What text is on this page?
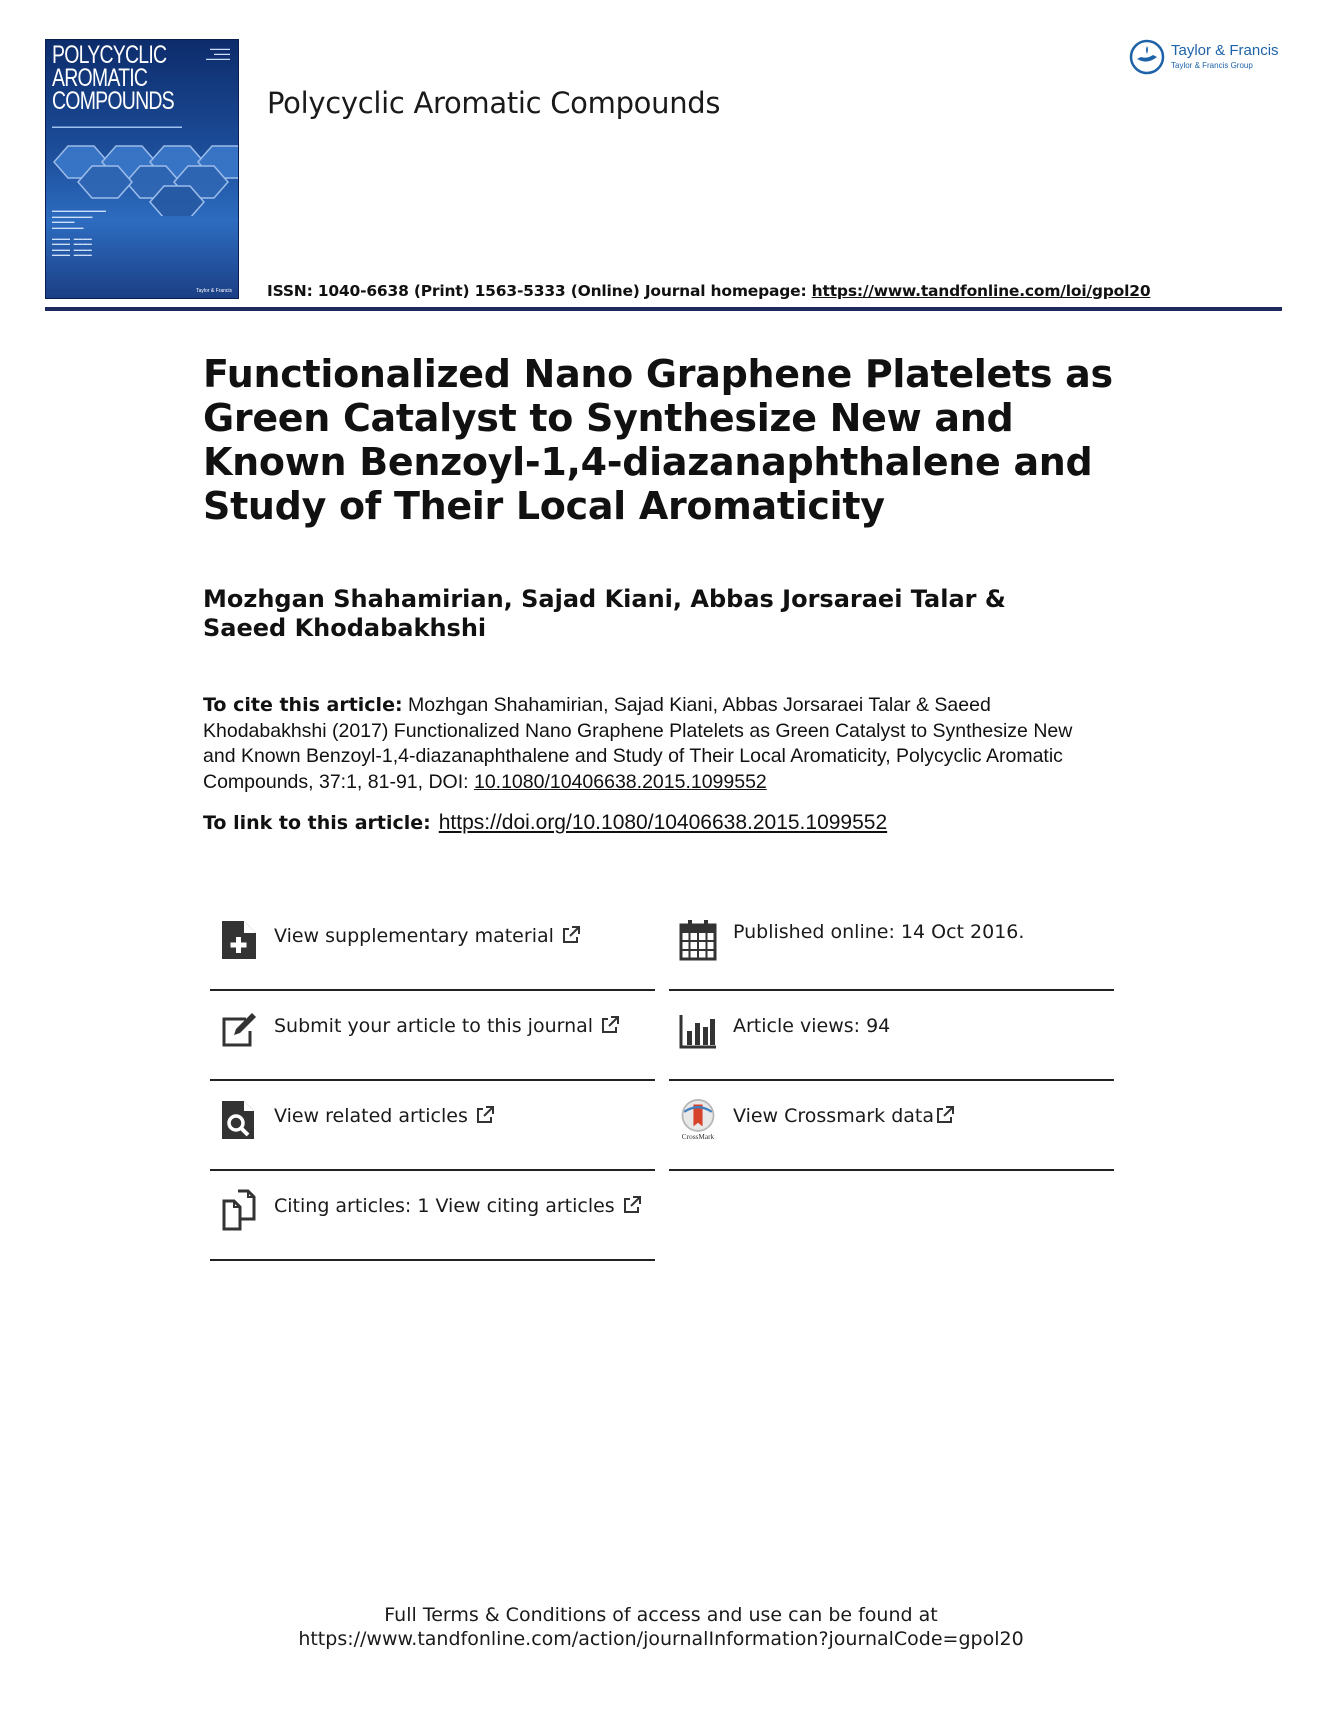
POLYCYCLIC
AROMATIC
COMPOUNDS
▬▬▬▬▬
▬▬▬▬
▬▬▬▬▬▬
▬▬▬▬▬▬▬▬▬▬▬▬▬▬▬▬▬▬▬▬▬▬▬▬▬▬
▬▬▬▬▬▬▬▬▬▬▬▬
▬▬▬▬▬▬▬▬▬
▬▬▬▬▬
▬▬▬▬▬▬▬

▬▬▬▬   ▬▬▬▬
▬▬▬▬   ▬▬▬▬
▬▬▬▬   ▬▬▬▬
▬▬▬▬   ▬▬▬▬
Taylor & Francis
Polycyclic Aromatic Compounds
ISSN: 1040-6638 (Print) 1563-5333 (Online) Journal homepage: https://www.tandfonline.com/loi/gpol20
Taylor & Francis
Taylor & Francis Group
Functionalized Nano Graphene Platelets as Green Catalyst to Synthesize New and Known Benzoyl-1,4-diazanaphthalene and Study of Their Local Aromaticity

Mozhgan Shahamirian, Sajad Kiani, Abbas Jorsaraei Talar & Saeed Khodabakhshi

To cite this article: Mozhgan Shahamirian, Sajad Kiani, Abbas Jorsaraei Talar & Saeed Khodabakhshi (2017) Functionalized Nano Graphene Platelets as Green Catalyst to Synthesize New and Known Benzoyl-1,4-diazanaphthalene and Study of Their Local Aromaticity, Polycyclic Aromatic Compounds, 37:1, 81-91, DOI: 10.1080/10406638.2015.1099552
To link to this article: https://doi.org/10.1080/10406638.2015.1099552
View supplementary material	Published online: 14 Oct 2016.
Submit your article to this journal	Article views: 94
View related articles
CrossMark
View Crossmark data
Citing articles: 1 View citing articles
Full Terms & Conditions of access and use can be found at
https://www.tandfonline.com/action/journalInformation?journalCode=gpol20
